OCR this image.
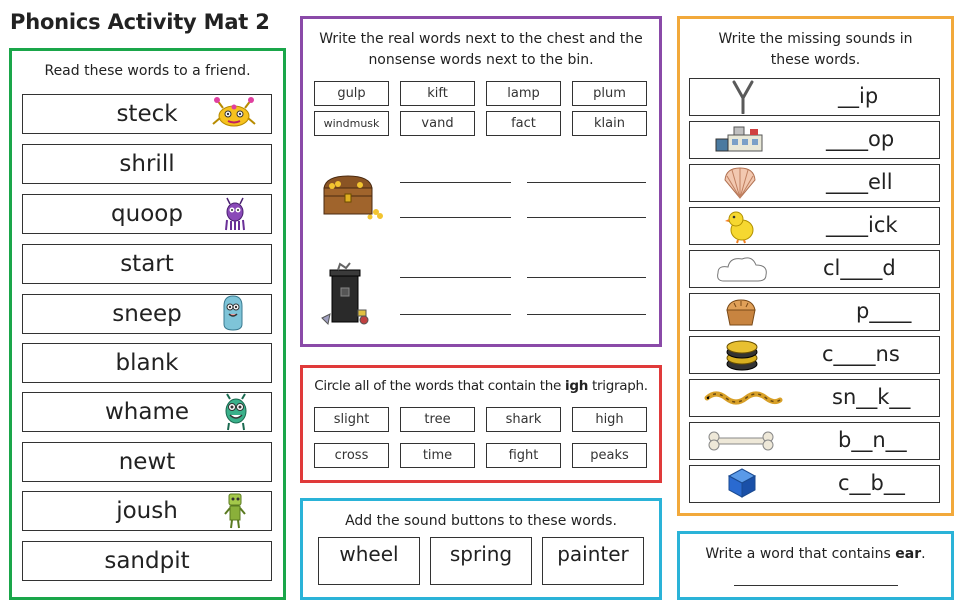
Phonics Activity Mat 2
Read these words to a friend.
steck
shrill
quoop
start
sneep
blank
whame
newt
joush
sandpit
Write the real words next to the chest and the
nonsense words next to the bin.
gulp	kift	lamp	plum
windmusk	vand	fact	klain
Circle all of the words that contain the igh trigraph.
slight	tree	shark	high
cross	time	fight	peaks
Add the sound buttons to these words.
wheel	spring	painter
Write the missing sounds in
these words.
__ip
____op
____ell
____ick
cl____d
p____
c____ns
sn__k__
b__n__
c__b__
Write a word that contains ear.
